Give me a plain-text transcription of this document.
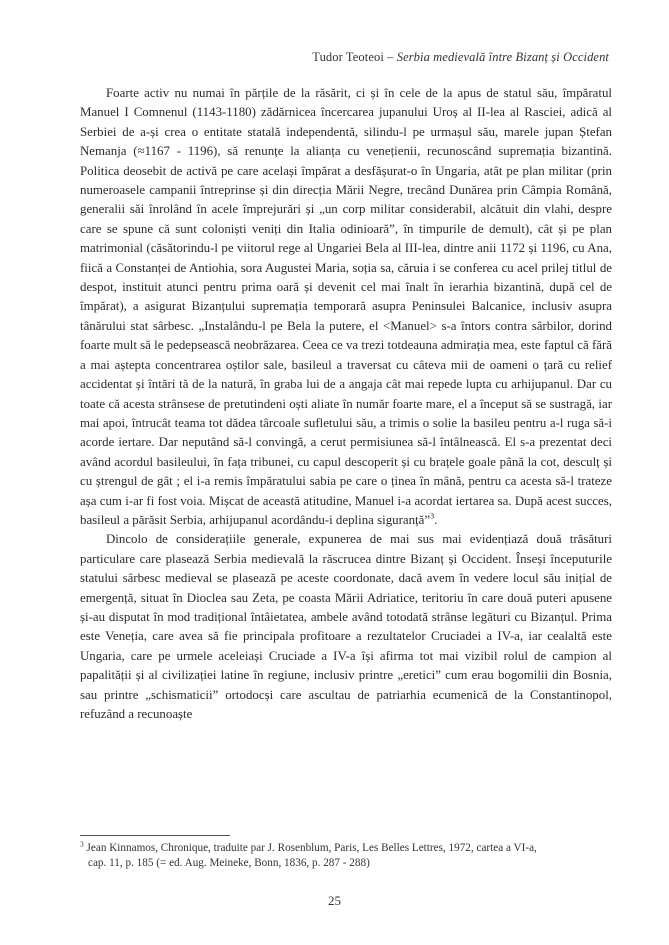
Tudor Teoteoi – Serbia medievală între Bizanț și Occident

Foarte activ nu numai în părțile de la răsărit, ci și în cele de la apus de statul său, împăratul Manuel I Comnenul (1143-1180) zădărnicea încercarea jupanului Uroș al II-lea al Rasciei, adică al Serbiei de a-și crea o entitate statală independentă, silindu-l pe urmașul său, marele jupan Ștefan Nemanja (≈1167 - 1196), să renunțe la alianța cu venețienii, recunoscând supremația bizantină. Politica deosebit de activă pe care același împărat a desfășurat-o în Ungaria, atât pe plan militar (prin numeroasele campanii întreprinse și din direcția Mării Negre, trecând Dunărea prin Câmpia Română, generalii săi înrolând în acele împrejurări și „un corp militar considerabil, alcătuit din vlahi, despre care se spune că sunt coloniști veniți din Italia odinioară”, în timpurile de demult), cât și pe plan matrimonial (căsătorindu-l pe viitorul rege al Ungariei Bela al III-lea, dintre anii 1172 și 1196, cu Ana, fiică a Constanței de Antiohia, sora Augustei Maria, soția sa, căruia i se conferea cu acel prilej titlul de despot, instituit atunci pentru prima oară și devenit cel mai înalt în ierarhia bizantină, după cel de împărat), a asigurat Bizanțului supremația temporară asupra Peninsulei Balcanice, inclusiv asupra tânărului stat sârbesc. „Instalându-l pe Bela la putere, el <Manuel> s-a întors contra sârbilor, dorind foarte mult să le pedepsească neobrăzarea. Ceea ce va trezi totdeauna admirația mea, este faptul că fără a mai aștepta concentrarea oștilor sale, basileul a traversat cu câteva mii de oameni o țară cu relief accidentat și întări tă de la natură, în graba lui de a angaja cât mai repede lupta cu arhijupanul. Dar cu toate că acesta strânsese de pretutindeni oști aliate în număr foarte mare, el a început să se sustragă, iar mai apoi, întrucât teama tot dădea târcoale sufletului său, a trimis o solie la basileu pentru a-l ruga să-i acorde iertare. Dar neputând să-l convingă, a cerut permisiunea să-l întâlnească. El s-a prezentat deci având acordul basileului, în fața tribunei, cu capul descoperit și cu brațele goale până la cot, desculț și cu ștrengul de gât ; el i-a remis împăratului sabia pe care o ținea în mână, pentru ca acesta să-l trateze așa cum i-ar fi fost voia. Mișcat de această atitudine, Manuel i-a acordat iertarea sa. După acest succes, basileul a părăsit Serbia, arhijupanul acordându-i deplina siguranță”$^3$.

Dincolo de considerațiile generale, expunerea de mai sus mai evidențiază două trăsături particulare care plasează Serbia medievală la răscrucea dintre Bizanț și Occident. Înseși începuturile statului sârbesc medieval se plasează pe aceste coordonate, dacă avem în vedere locul său inițial de emergență, situat în Dioclea sau Zeta, pe coasta Mării Adriatice, teritoriu în care două puteri apusene și-au disputat în mod tradițional întâietatea, ambele având totodată strânse legături cu Bizanțul. Prima este Veneția, care avea să fie principala profitoare a rezultatelor Cruciadei a IV-a, iar cealaltă este Ungaria, care pe urmele aceleiași Cruciade a IV-a își afirma tot mai vizibil rolul de campion al papalității și al civilizației latine în regiune, inclusiv printre „eretici” cum erau bogomilii din Bosnia, sau printre „schismaticii” ortodocși care ascultau de patriarhia ecumenică de la Constantinopol, refuzând a recunoaște

$^3$ Jean Kinnamos, Chronique, traduite par J. Rosenblum, Paris, Les Belles Lettres, 1972, cartea a VI-a,
cap. 11, p. 185 (= ed. Aug. Meineke, Bonn, 1836, p. 287 - 288)
25
